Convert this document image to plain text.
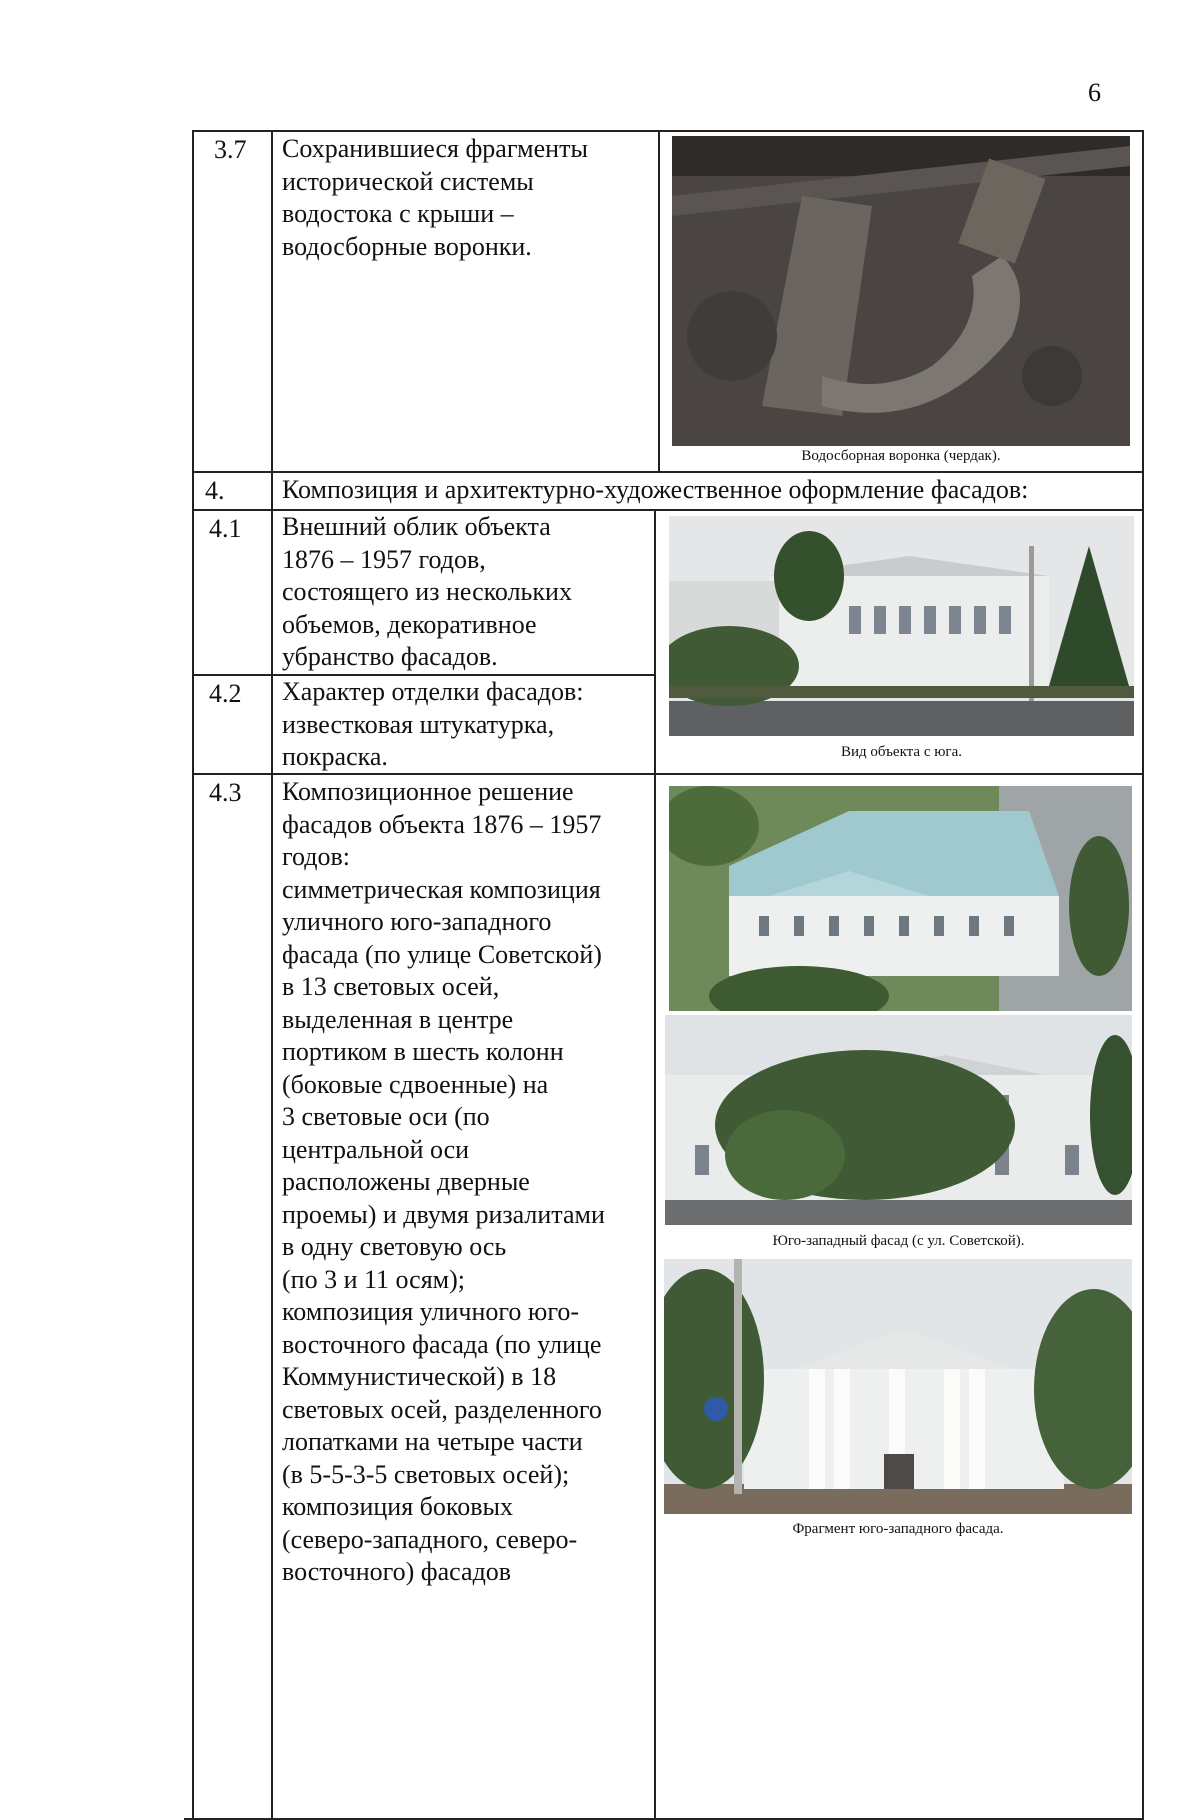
6
3.7 Сохранившиеся фрагменты
исторической системы
водостока с крыши –
водосборные воронки.
Водосборная воронка (чердак).
4. Композиция и архитектурно-художественное оформление фасадов:
4.1 Внешний облик объекта
1876 – 1957 годов,
состоящего из нескольких
объемов, декоративное
убранство фасадов.
4.2 Характер отделки фасадов:
известковая штукатурка,
покраска.	Вид объекта с юга.
4.3 Композиционное решение
фасадов объекта 1876 – 1957
годов:
симметрическая композиция
уличного юго-западного
фасада (по улице Советской)
в 13 световых осей,
выделенная в центре
портиком в шесть колонн
(боковые сдвоенные) на
3 световые оси (по
центральной оси
расположены дверные
проемы) и двумя ризалитами
в одну световую ось
(по 3 и 11 осям);
композиция уличного юго-
восточного фасада (по улице
Коммунистической) в 18
световых осей, разделенного
лопатками на четыре части
(в 5-5-3-5 световых осей);
композиция боковых
(северо-западного, северо-
восточного) фасадов
Юго-западный фасад (с ул. Советской).
Фрагмент юго-западного фасада.
